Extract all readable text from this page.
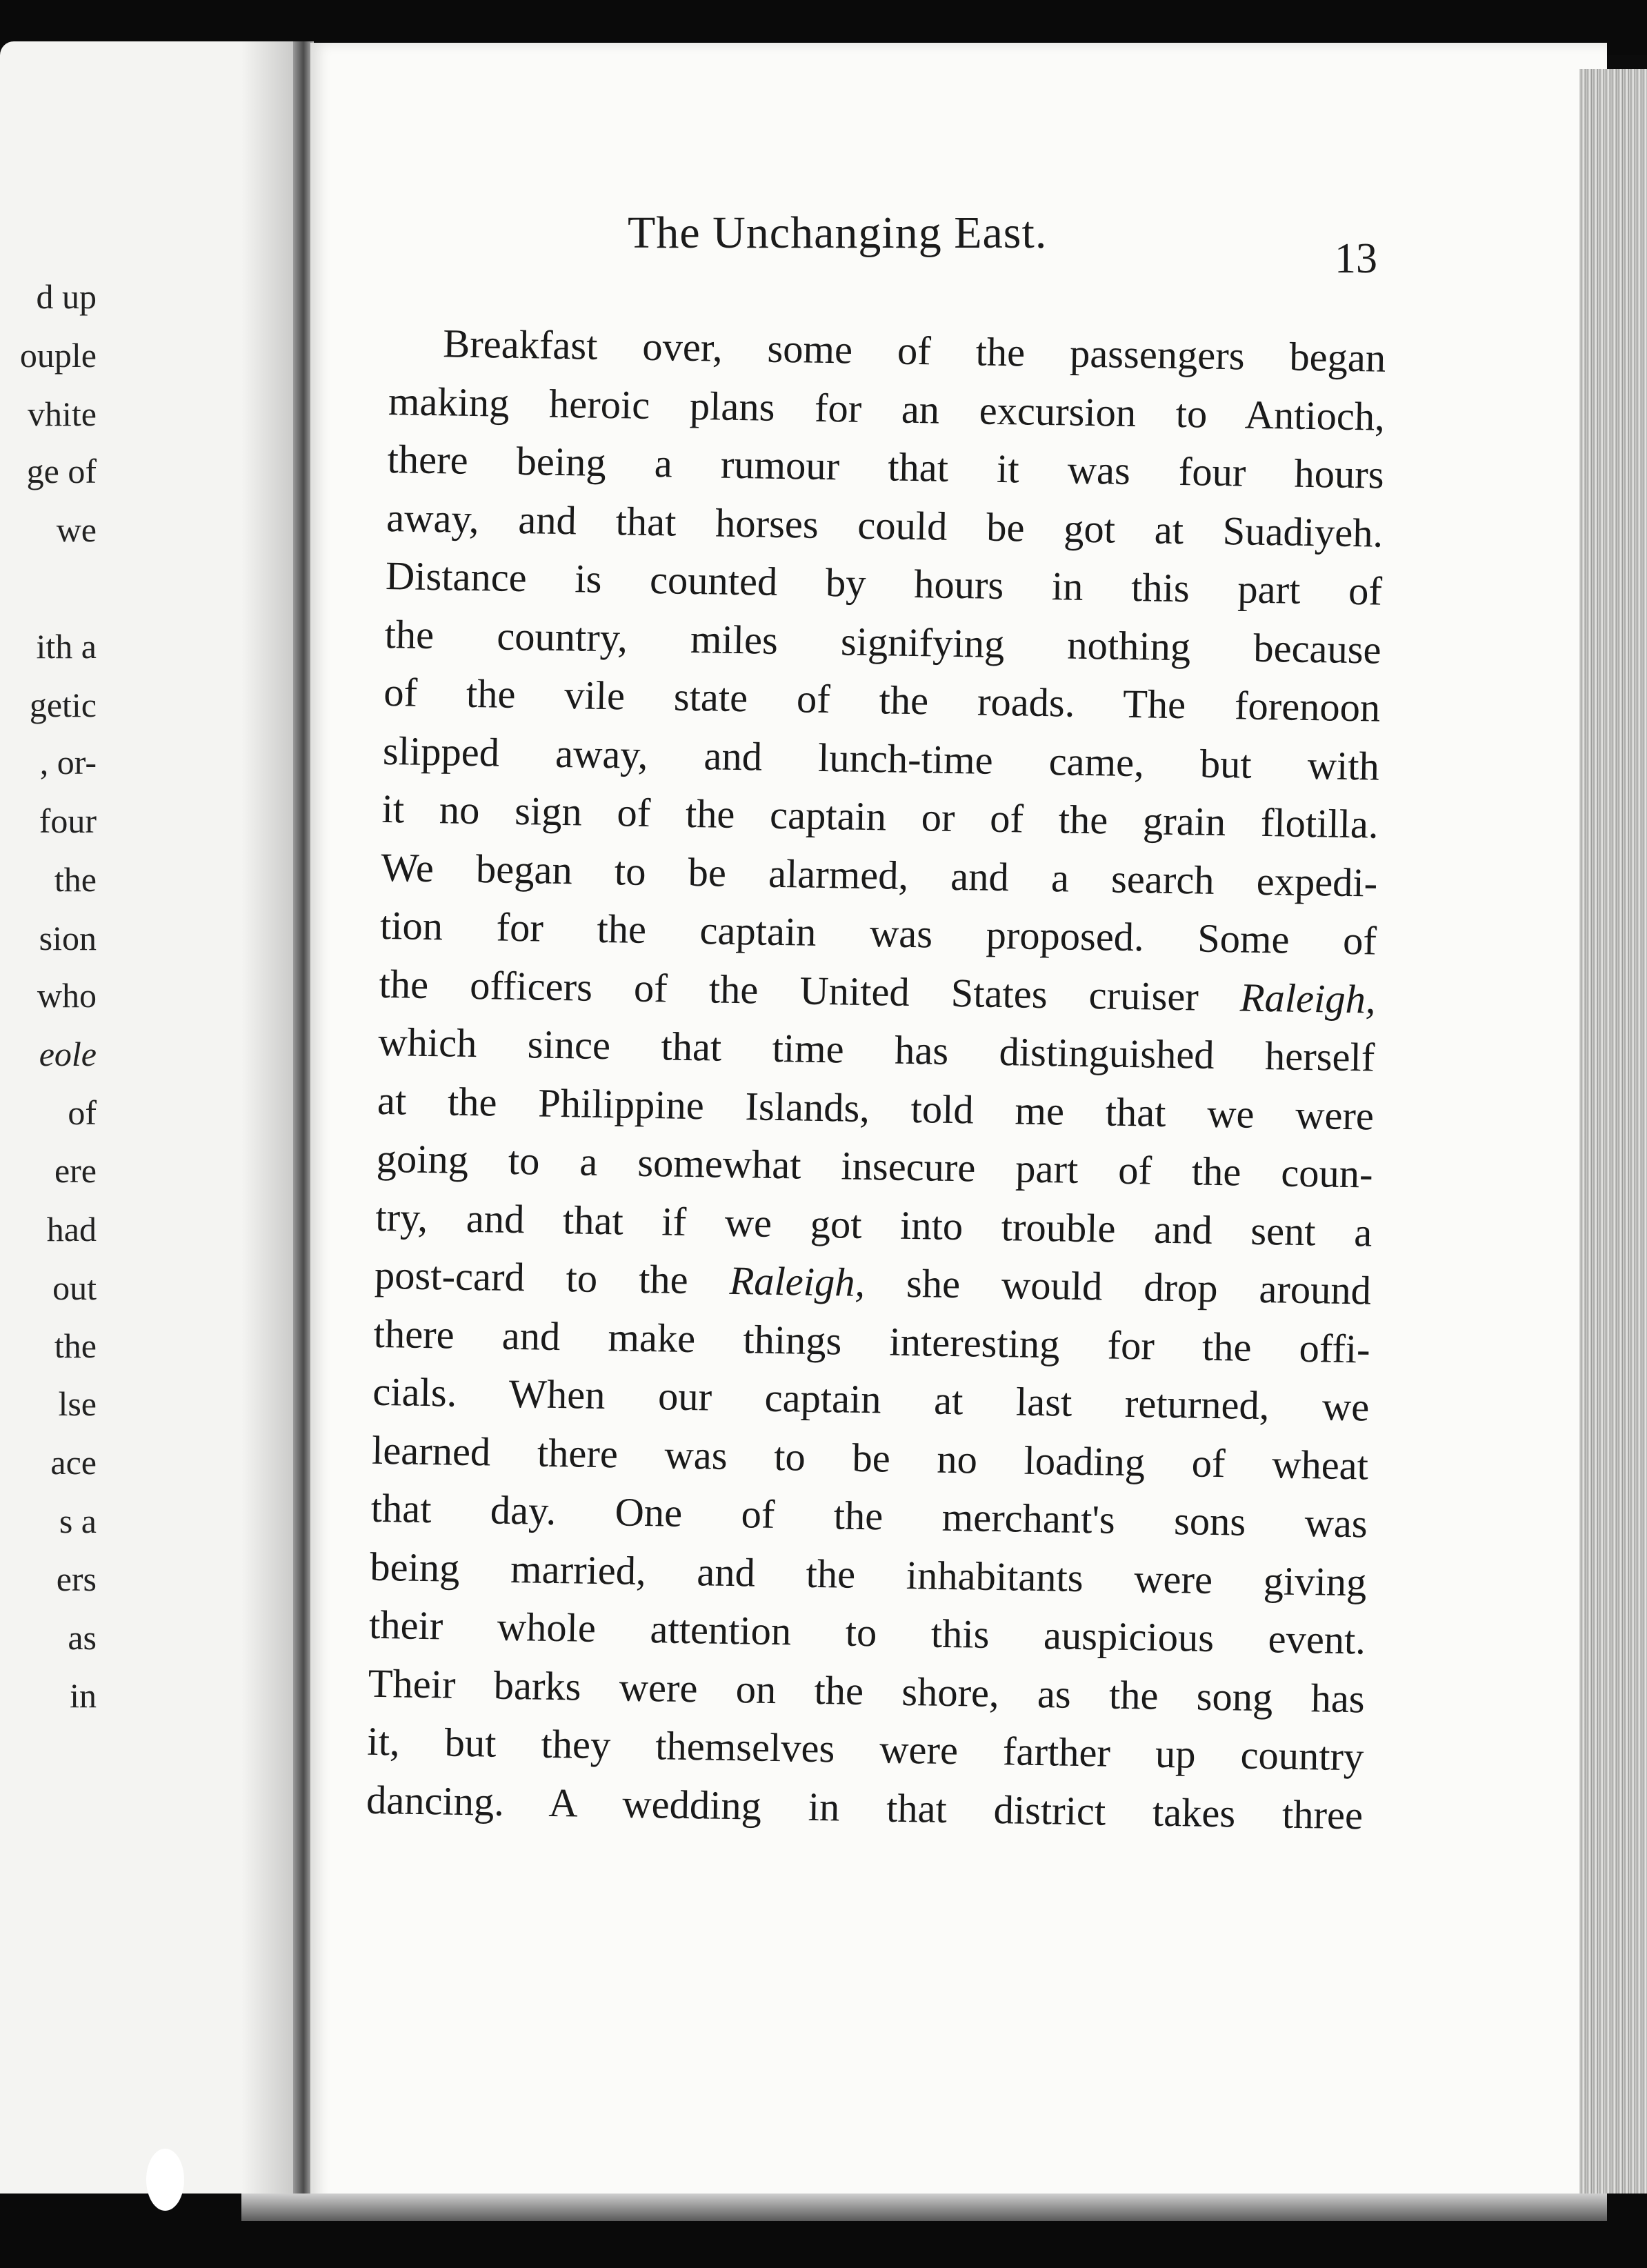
d up
ouple
vhite
ge of
we
ith a
getic
, or-
four
the
sion
who
eole
of
ere
had
out
the
lse
ace
s a
ers
as
in
The Unchanging East.
13
Breakfast over, some of the passengers began
making heroic plans for an excursion to Antioch,
there being a rumour that it was four hours
away, and that horses could be got at Suadiyeh.
Distance is counted by hours in this part of
the country, miles signifying nothing because
of the vile state of the roads. The forenoon
slipped away, and lunch-time came, but with
it no sign of the captain or of the grain flotilla.
We began to be alarmed, and a search expedi-
tion for the captain was proposed. Some of
the officers of the United States cruiser Raleigh,
which since that time has distinguished herself
at the Philippine Islands, told me that we were
going to a somewhat insecure part of the coun-
try, and that if we got into trouble and sent a
post-card to the Raleigh, she would drop around
there and make things interesting for the offi-
cials. When our captain at last returned, we
learned there was to be no loading of wheat
that day. One of the merchant's sons was
being married, and the inhabitants were giving
their whole attention to this auspicious event.
Their barks were on the shore, as the song has
it, but they themselves were farther up country
dancing. A wedding in that district takes three
